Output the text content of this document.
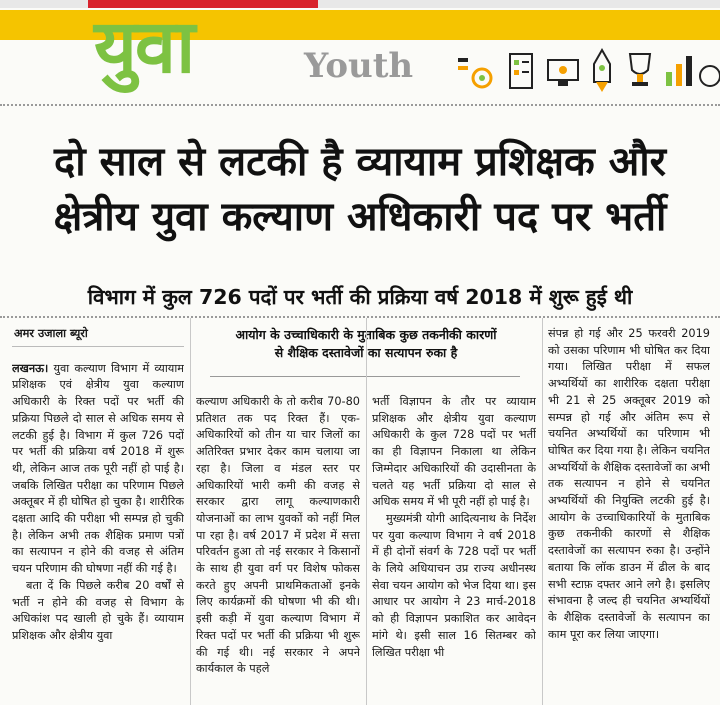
युवा	Youth
दो साल से लटकी है व्यायाम प्रशिक्षक और
क्षेत्रीय युवा कल्याण अधिकारी पद पर भर्ती
विभाग में कुल 726 पदों पर भर्ती की प्रक्रिया वर्ष 2018 में शुरू हुई थी
आयोग के उच्चाधिकारी के मुताबिक कुछ तकनीकी कारणों
से शैक्षिक दस्तावेजों का सत्यापन रुका है
अमर उजाला ब्यूरो

लखनऊ। युवा कल्याण विभाग में व्यायाम प्रशिक्षक एवं क्षेत्रीय युवा कल्याण अधिकारी के रिक्त पदों पर भर्ती की प्रक्रिया पिछले दो साल से अधिक समय से लटकी हुई है। विभाग में कुल 726 पदों पर भर्ती की प्रक्रिया वर्ष 2018 में शुरू थी, लेकिन आज तक पूरी नहीं हो पाई है। जबकि लिखित परीक्षा का परिणाम पिछले अक्तूबर में ही घोषित हो चुका है। शारीरिक दक्षता आदि की परीक्षा भी सम्पन्न हो चुकी है। लेकिन अभी तक शैक्षिक प्रमाण पत्रों का सत्यापन न होने की वजह से अंतिम चयन परिणाम की घोषणा नहीं की गई है।

बता दें कि पिछले करीब 20 वर्षों से भर्ती न होने की वजह से विभाग के अधिकांश पद खाली हो चुके हैं। व्यायाम प्रशिक्षक और क्षेत्रीय युवा

कल्याण अधिकारी के तो करीब 70-80 प्रतिशत तक पद रिक्त हैं। एक-अधिकारियों को तीन या चार जिलों का अतिरिक्त प्रभार देकर काम चलाया जा रहा है। जिला व मंडल स्तर पर अधिकारियों भारी कमी की वजह से सरकार द्वारा लागू कल्याणकारी योजनाओं का लाभ युवकों को नहीं मिल पा रहा है। वर्ष 2017 में प्रदेश में सत्ता परिवर्तन हुआ तो नई सरकार ने किसानों के साथ ही युवा वर्ग पर विशेष फोकस करते हुए अपनी प्राथमिकताओं इनके लिए कार्यक्रमों की घोषणा भी की थी। इसी कड़ी में युवा कल्याण विभाग में रिक्त पदों पर भर्ती की प्रक्रिया भी शुरू की गई थी। नई सरकार ने अपने कार्यकाल के पहले

भर्ती विज्ञापन के तौर पर व्यायाम प्रशिक्षक और क्षेत्रीय युवा कल्याण अधिकारी के कुल 728 पदों पर भर्ती का ही विज्ञापन निकाला था लेकिन जिम्मेदार अधिकारियों की उदासीनता के चलते यह भर्ती प्रक्रिया दो साल से अधिक समय में भी पूरी नहीं हो पाई है।

मुख्यमंत्री योगी आदित्यनाथ के निर्देश पर युवा कल्याण विभाग ने वर्ष 2018 में ही दोनों संवर्ग के 728 पदों पर भर्ती के लिये अधियाचन उप्र राज्य अधीनस्थ सेवा चयन आयोग को भेज दिया था। इस आधार पर आयोग ने 23 मार्च-2018 को ही विज्ञापन प्रकाशित कर आवेदन मांगे थे। इसी साल 16 सितम्बर को लिखित परीक्षा भी

संपन्न हो गई और 25 फरवरी 2019 को उसका परिणाम भी घोषित कर दिया गया। लिखित परीक्षा में सफल अभ्यर्थियों का शारीरिक दक्षता परीक्षा भी 21 से 25 अक्तूबर 2019 को सम्पन्न हो गई और अंतिम रूप से चयनित अभ्यर्थियों का परिणाम भी घोषित कर दिया गया है। लेकिन चयनित अभ्यर्थियों के शैक्षिक दस्तावेजों का अभी तक सत्यापन न होने से चयनित अभ्यर्थियों की नियुक्ति लटकी हुई है। आयोग के उच्चाधिकारियों के मुताबिक कुछ तकनीकी कारणों से शैक्षिक दस्तावेजों का सत्यापन रुका है। उन्होंने बताया कि लॉक डाउन में ढील के बाद सभी स्टाफ़ दफ्तर आने लगे है। इसलिए संभावना है जल्द ही चयनित अभ्यर्थियों के शैक्षिक दस्तावेजों के सत्यापन का काम पूरा कर लिया जाएगा।
